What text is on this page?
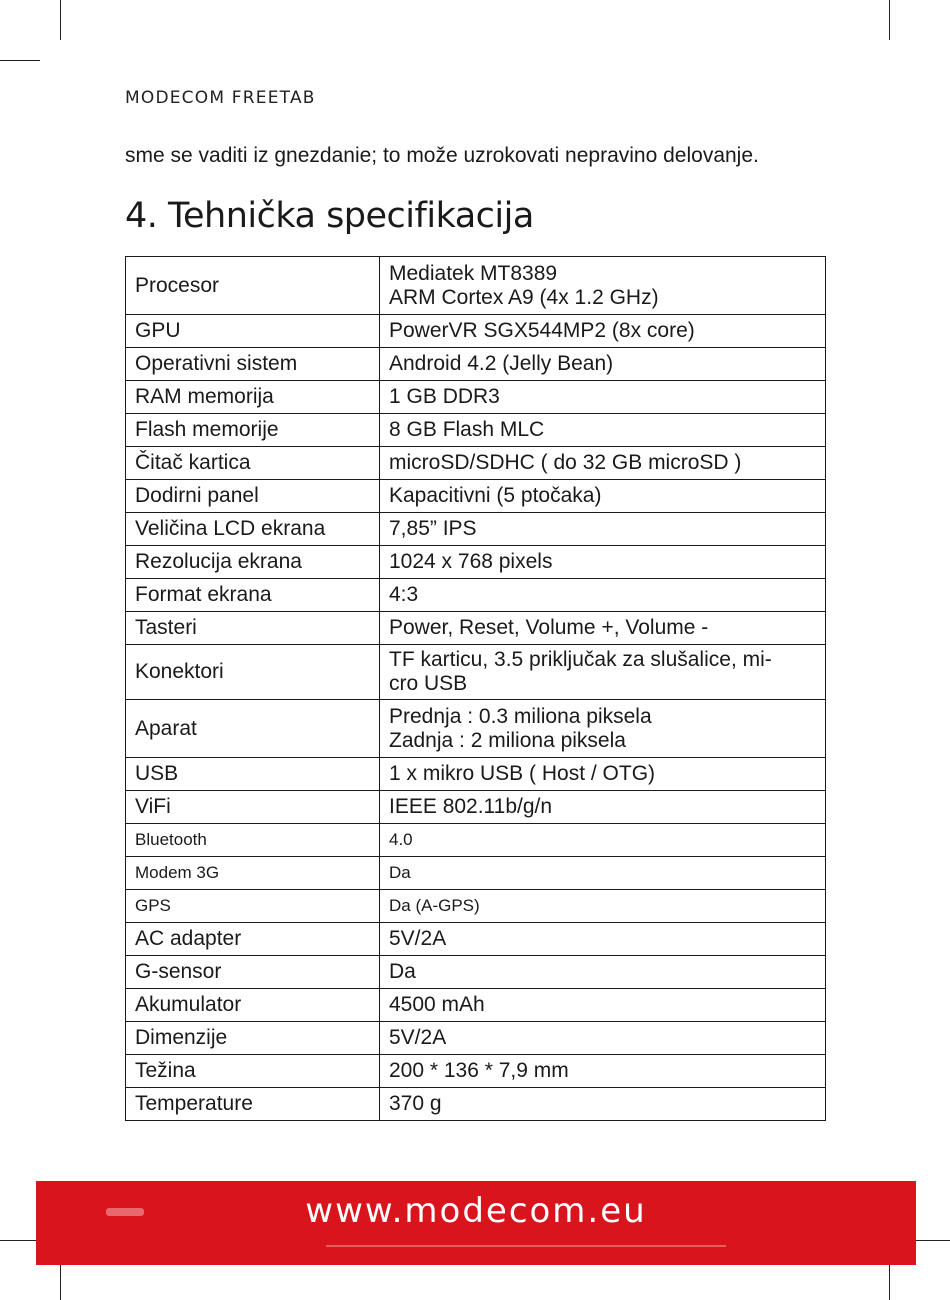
MODECOM FREETAB
sme se vaditi iz gnezdanie; to može uzrokovati nepravino delovanje.
4. Tehnička specifikacija
Procesor	Mediatek MT8389
ARM Cortex A9 (4x 1.2 GHz)

GPU	PowerVR SGX544MP2 (8x core)

Operativni sistem	Android 4.2 (Jelly Bean)

RAM memorija	1 GB DDR3

Flash memorije	8 GB Flash MLC

Čitač kartica	microSD/SDHC ( do 32 GB microSD )

Dodirni panel	Kapacitivni (5 ptočaka)

Veličina LCD ekrana	7,85” IPS

Rezolucija ekrana	1024 x 768 pixels

Format ekrana	4:3

Tasteri	Power, Reset, Volume +, Volume -

Konektori	TF karticu, 3.5 priključak za slušalice, mi-
cro USB

Aparat	Prednja : 0.3 miliona piksela
Zadnja : 2 miliona piksela

USB	1 x mikro USB ( Host / OTG)

ViFi	IEEE 802.11b/g/n

Bluetooth	4.0

Modem 3G	Da

GPS	Da (A-GPS)

AC adapter	5V/2A

G-sensor	Da

Akumulator	4500 mAh

Dimenzije	5V/2A

Težina	200 * 136 * 7,9 mm

Temperature	370 g
www.modecom.eu
